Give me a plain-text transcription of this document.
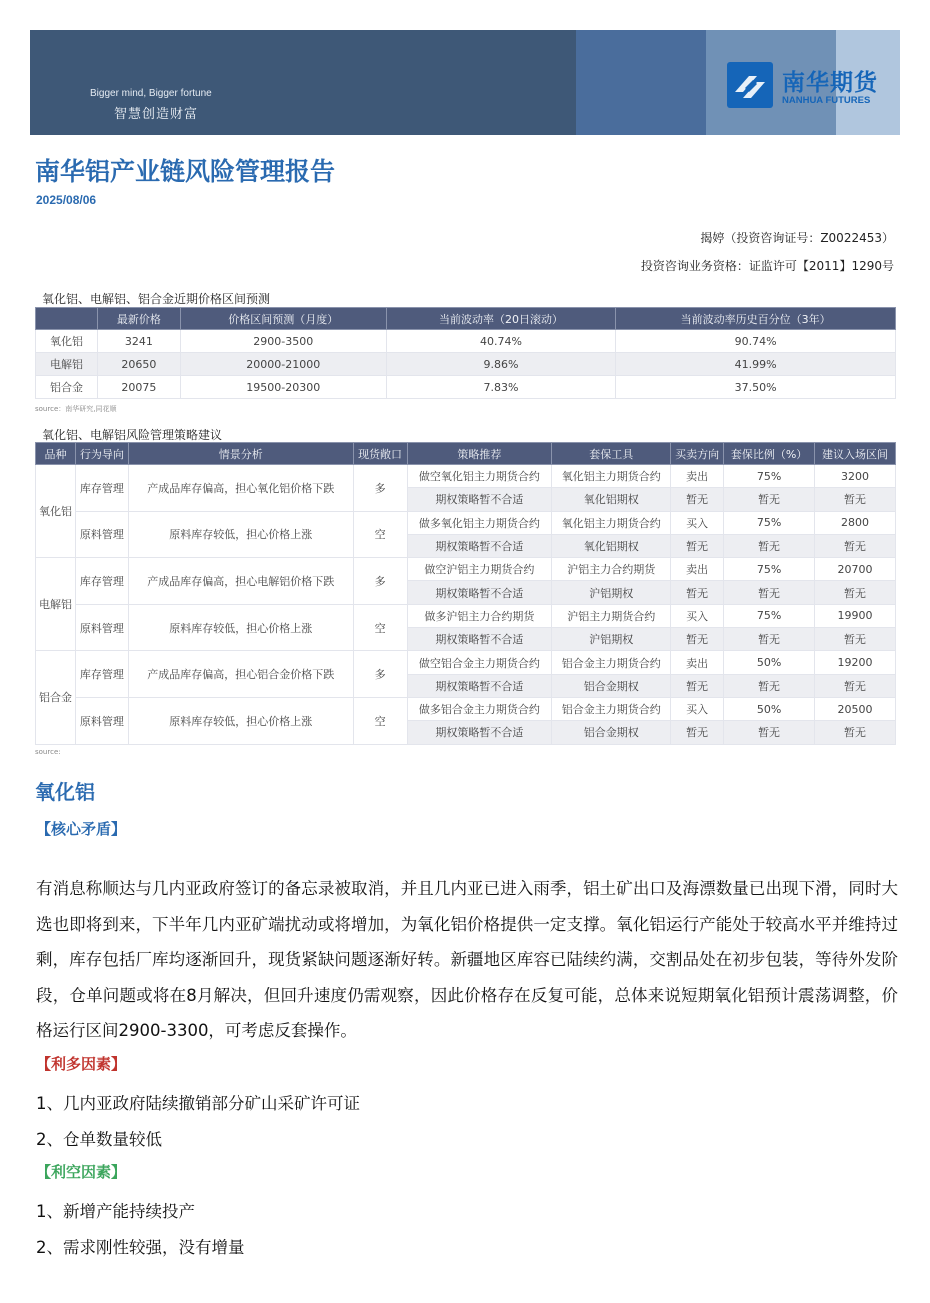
Bigger mind, Bigger fortune
智慧创造财富
南华期货
NANHUA FUTURES
南华铝产业链风险管理报告
2025/08/06
揭婷（投资咨询证号：Z0022453）
投资咨询业务资格：证监许可【2011】1290号
氧化铝、电解铝、铝合金近期价格区间预测
	最新价格	价格区间预测（月度）	当前波动率（20日滚动）	当前波动率历史百分位（3年）
氧化铝	3241	2900-3500	40.74%	90.74%
电解铝	20650	20000-21000	9.86%	41.99%
铝合金	20075	19500-20300	7.83%	37.50%
source：南华研究,同花顺
氧化铝、电解铝风险管理策略建议
品种	行为导向	情景分析	现货敞口	策略推荐	套保工具	买卖方向	套保比例（%）	建议入场区间
氧化铝	库存管理	产成品库存偏高，担心氧化铝价格下跌	多	做空氧化铝主力期货合约	氧化铝主力期货合约	卖出	75%	3200
				期权策略暂不合适	氧化铝期权	暂无	暂无	暂无
	原料管理	原料库存较低，担心价格上涨	空	做多氧化铝主力期货合约	氧化铝主力期货合约	买入	75%	2800
				期权策略暂不合适	氧化铝期权	暂无	暂无	暂无
电解铝	库存管理	产成品库存偏高，担心电解铝价格下跌	多	做空沪铝主力期货合约	沪铝主力合约期货	卖出	75%	20700
				期权策略暂不合适	沪铝期权	暂无	暂无	暂无
	原料管理	原料库存较低，担心价格上涨	空	做多沪铝主力合约期货	沪铝主力期货合约	买入	75%	19900
				期权策略暂不合适	沪铝期权	暂无	暂无	暂无
铝合金	库存管理	产成品库存偏高，担心铝合金价格下跌	多	做空铝合金主力期货合约	铝合金主力期货合约	卖出	50%	19200
				期权策略暂不合适	铝合金期权	暂无	暂无	暂无
	原料管理	原料库存较低，担心价格上涨	空	做多铝合金主力期货合约	铝合金主力期货合约	买入	50%	20500
				期权策略暂不合适	铝合金期权	暂无	暂无	暂无
source:
氧化铝
【核心矛盾】
有消息称顺达与几内亚政府签订的备忘录被取消，并且几内亚已进入雨季，铝土矿出口及海漂数量已出现下滑，同时大选也即将到来，下半年几内亚矿端扰动或将增加，为氧化铝价格提供一定支撑。氧化铝运行产能处于较高水平并维持过剩，库存包括厂库均逐渐回升，现货紧缺问题逐渐好转。新疆地区库容已陆续约满，交割品处在初步包装，等待外发阶段，仓单问题或将在8月解决，但回升速度仍需观察，因此价格存在反复可能，总体来说短期氧化铝预计震荡调整，价格运行区间2900-3300，可考虑反套操作。
【利多因素】
1、几内亚政府陆续撤销部分矿山采矿许可证
2、仓单数量较低
【利空因素】
1、新增产能持续投产
2、需求刚性较强，没有增量
